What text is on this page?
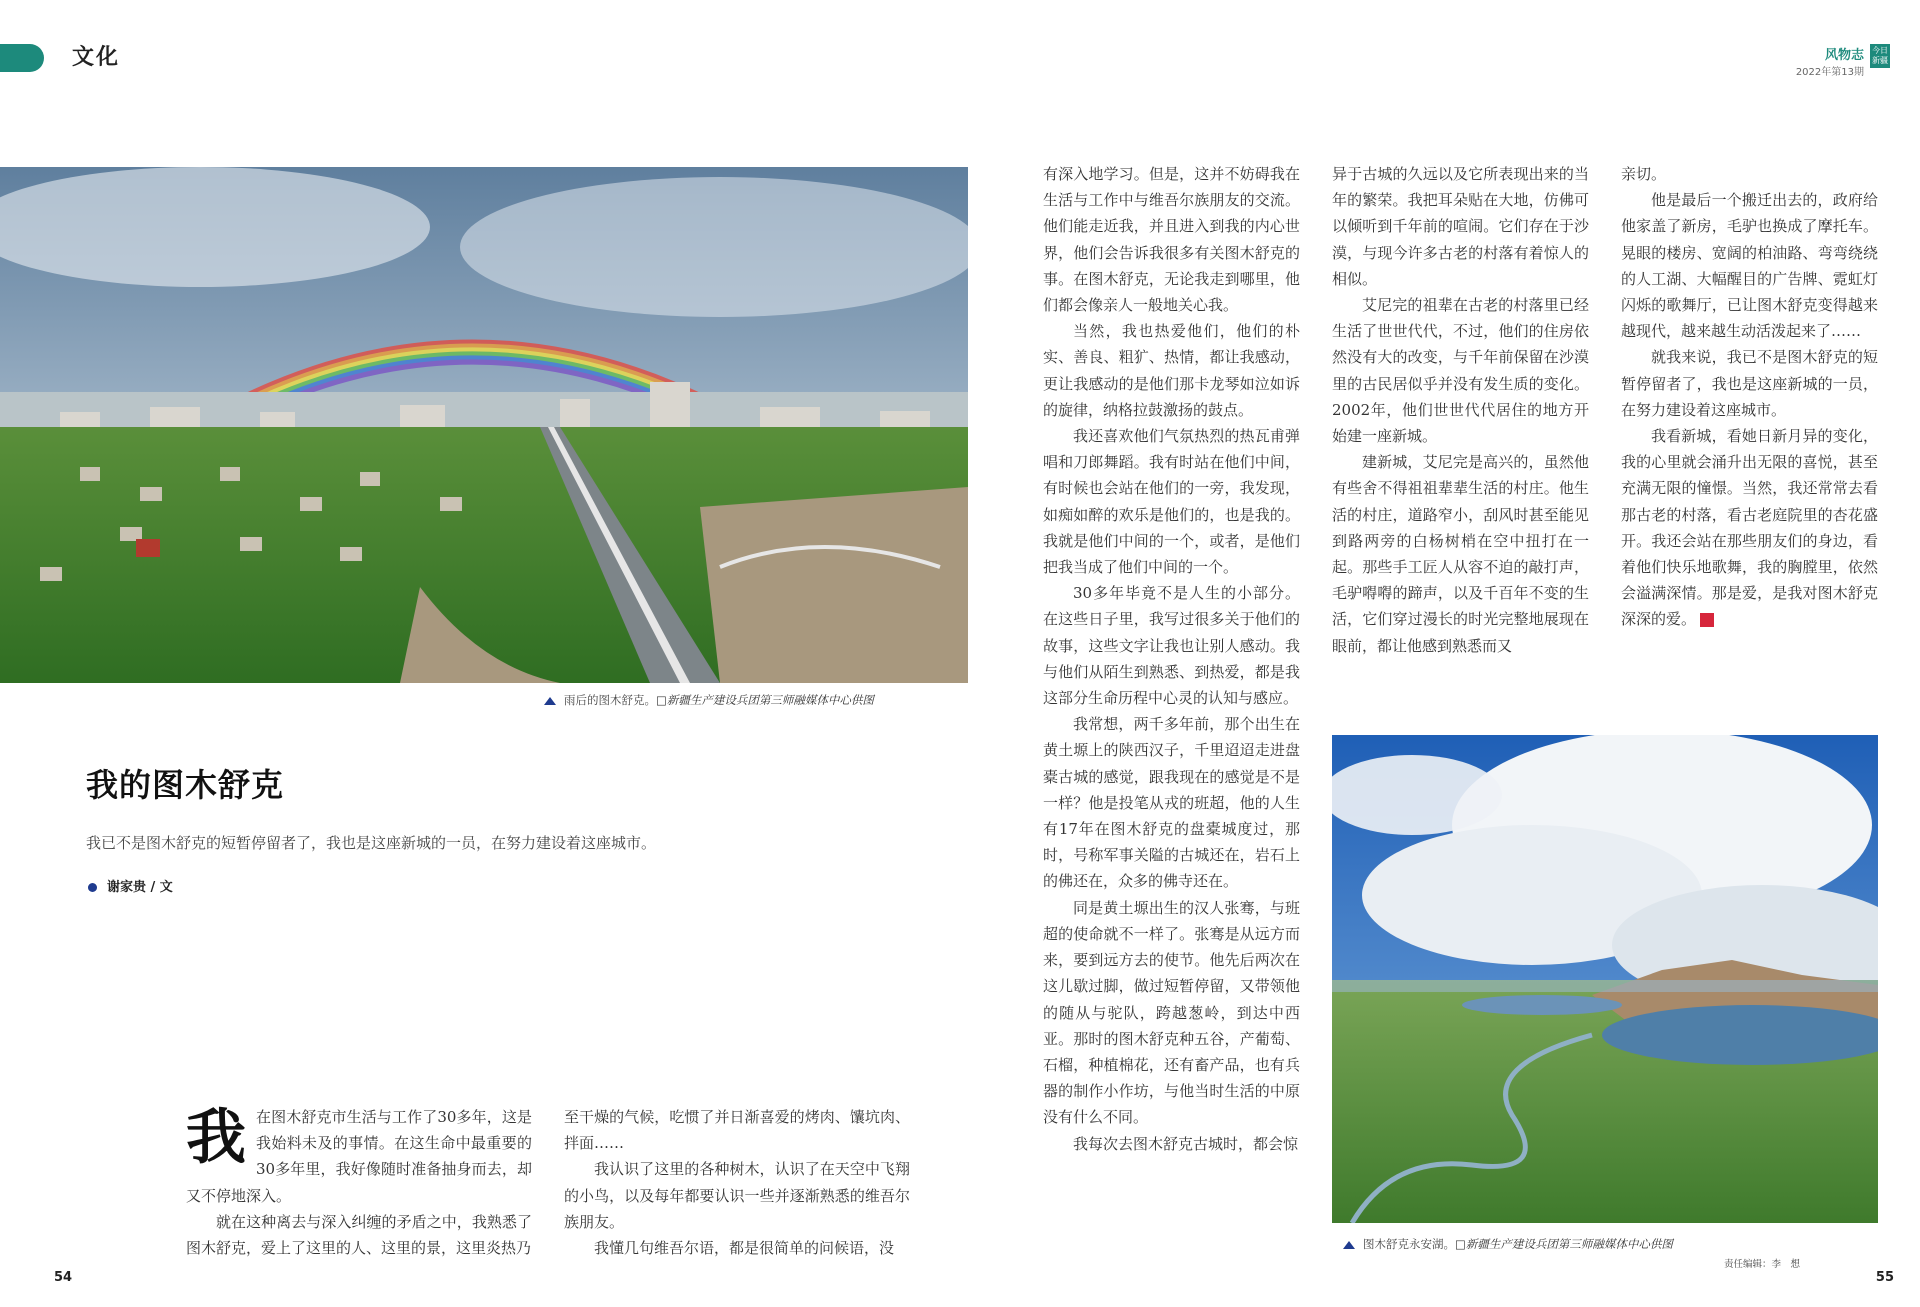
文化	风物志
2022年第13期
今日
新疆
雨后的图木舒克。□新疆生产建设兵团第三师融媒体中心供图
图木舒克永安湖。□新疆生产建设兵团第三师融媒体中心供图
我的图木舒克
我已不是图木舒克的短暂停留者了，我也是这座新城的一员，在努力建设着这座城市。
谢家贵 / 文
我 在图木舒克市生活与工作了30多年，这是我始料未及的事情。在这生命中最重要的30多年里，我好像随时准备抽身而去，却又不停地深入。

就在这种离去与深入纠缠的矛盾之中，我熟悉了图木舒克，爱上了这里的人、这里的景，这里炎热乃

至干燥的气候，吃惯了并日渐喜爱的烤肉、馕坑肉、拌面……

我认识了这里的各种树木，认识了在天空中飞翔的小鸟，以及每年都要认识一些并逐渐熟悉的维吾尔族朋友。

我懂几句维吾尔语，都是很简单的问候语，没

有深入地学习。但是，这并不妨碍我在生活与工作中与维吾尔族朋友的交流。他们能走近我，并且进入到我的内心世界，他们会告诉我很多有关图木舒克的事。在图木舒克，无论我走到哪里，他们都会像亲人一般地关心我。

当然，我也热爱他们，他们的朴实、善良、粗犷、热情，都让我感动，更让我感动的是他们那卡龙琴如泣如诉的旋律，纳格拉鼓激扬的鼓点。

我还喜欢他们气氛热烈的热瓦甫弹唱和刀郎舞蹈。我有时站在他们中间，有时候也会站在他们的一旁，我发现，如痴如醉的欢乐是他们的，也是我的。我就是他们中间的一个，或者，是他们把我当成了他们中间的一个。

30多年毕竟不是人生的小部分。在这些日子里，我写过很多关于他们的故事，这些文字让我也让别人感动。我与他们从陌生到熟悉、到热爱，都是我这部分生命历程中心灵的认知与感应。

我常想，两千多年前，那个出生在黄土塬上的陕西汉子，千里迢迢走进盘橐古城的感觉，跟我现在的感觉是不是一样？他是投笔从戎的班超，他的人生有17年在图木舒克的盘橐城度过，那时，号称军事关隘的古城还在，岩石上的佛还在，众多的佛寺还在。

同是黄土塬出生的汉人张骞，与班超的使命就不一样了。张骞是从远方而来，要到远方去的使节。他先后两次在这儿歇过脚，做过短暂停留，又带领他的随从与驼队，跨越葱岭，到达中西亚。那时的图木舒克种五谷，产葡萄、石榴，种植棉花，还有畜产品，也有兵器的制作小作坊，与他当时生活的中原没有什么不同。

我每次去图木舒克古城时，都会惊

异于古城的久远以及它所表现出来的当年的繁荣。我把耳朵贴在大地，仿佛可以倾听到千年前的喧闹。它们存在于沙漠，与现今许多古老的村落有着惊人的相似。

艾尼完的祖辈在古老的村落里已经生活了世世代代，不过，他们的住房依然没有大的改变，与千年前保留在沙漠里的古民居似乎并没有发生质的变化。2002年，他们世世代代居住的地方开始建一座新城。

建新城，艾尼完是高兴的，虽然他有些舍不得祖祖辈辈生活的村庄。他生活的村庄，道路窄小，刮风时甚至能见到路两旁的白杨树梢在空中扭打在一起。那些手工匠人从容不迫的敲打声，毛驴嘚嘚的蹄声，以及千百年不变的生活，它们穿过漫长的时光完整地展现在眼前，都让他感到熟悉而又

亲切。

他是最后一个搬迁出去的，政府给他家盖了新房，毛驴也换成了摩托车。晃眼的楼房、宽阔的柏油路、弯弯绕绕的人工湖、大幅醒目的广告牌、霓虹灯闪烁的歌舞厅，已让图木舒克变得越来越现代，越来越生动活泼起来了……

就我来说，我已不是图木舒克的短暂停留者了，我也是这座新城的一员，在努力建设着这座城市。

我看新城，看她日新月异的变化，我的心里就会涌升出无限的喜悦，甚至充满无限的憧憬。当然，我还常常去看那古老的村落，看古老庭院里的杏花盛开。我还会站在那些朋友们的身边，看着他们快乐地歌舞，我的胸膛里，依然会溢满深情。那是爱，是我对图木舒克深深的爱。	J

54
责任编辑：李　想
55
